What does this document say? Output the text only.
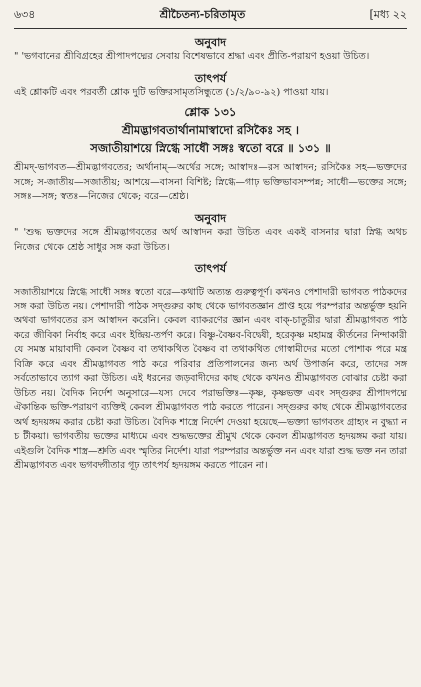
৬৩৪	শ্রীচৈতন্য-চরিতামৃত	[মধ্য ২২
অনুবাদ

" 'ভগবানের শ্রীবিগ্রহের শ্রীপাদপদ্মের সেবায় বিশেষভাবে শ্রদ্ধা এবং প্রীতি-পরায়ণ হওয়া উচিত।

তাৎপর্য

এই শ্লোকটি এবং পরবর্তী শ্লোক দুটি ভক্তিরসামৃতসিন্ধুতে (১/২/৯০-৯২) পাওয়া যায়।

শ্লোক ১৩১
শ্রীমদ্ভাগবতার্থানামাস্বাদো রসিকৈঃ সহ ।
সজাতীয়াশয়ে স্নিগ্ধে সাধৌ সঙ্গঃ স্বতো বরে ॥ ১৩১ ॥

শ্রীমদ্-ভাগবত—শ্রীমদ্ভাগবতের; অর্থানাম্—অর্থের সঙ্গে; আস্বাদঃ—রস আস্বাদন; রসিকৈঃ সহ—ভক্তদের সঙ্গে; স-জাতীয়—সজাতীয়; আশয়ে—বাসনা বিশিষ্ট; স্নিগ্ধে—গাঢ় ভক্তিভাবসম্পন্ন; সাধৌ—ভক্তের সঙ্গে; সঙ্গঃ—সঙ্গ; স্বতঃ—নিজের থেকে; বরে—শ্রেষ্ঠ।

অনুবাদ

" 'শুদ্ধ ভক্তদের সঙ্গে শ্রীমদ্ভাগবতের অর্থ আস্বাদন করা উচিত এবং একই বাসনার দ্বারা স্নিগ্ধ অথচ নিজের থেকে শ্রেষ্ঠ সাধুর সঙ্গ করা উচিত।

তাৎপর্য

সজাতীয়াশয়ে স্নিগ্ধে সাধৌ সঙ্গঃ স্বতো বরে—কথাটি অত্যন্ত গুরুত্বপূর্ণ। কখনও পেশাদারী ভাগবত পাঠকদের সঙ্গ করা উচিত নয়। পেশাদারী পাঠক সদ্গুরুর কাছ থেকে ভাগবতজ্ঞান প্রাপ্ত হয়ে পরম্পরার অন্তর্ভুক্ত হয়নি অথবা ভাগবতের রস আস্বাদন করেনি। কেবল ব্যাকরণের জ্ঞান এবং বাক্-চাতুরীর দ্বারা শ্রীমদ্ভাগবত পাঠ করে জীবিকা নির্বাহ করে এবং ইন্দ্রিয়-তর্পণ করে। বিষ্ণু-বৈষ্ণব-বিদ্বেষী, হরেকৃষ্ণ মহামন্ত্র কীর্তনের নিন্দাকারী যে সমস্ত মায়াবাদী কেবল বৈষ্ণব বা তথাকথিত বৈষ্ণব বা তথাকথিত গোস্বামীদের মতো পোশাক পরে মন্ত্র বিক্রি করে এবং শ্রীমদ্ভাগবত পাঠ করে পরিবার প্রতিপালনের জন্য অর্থ উপার্জন করে, তাদের সঙ্গ সর্বতোভাবে ত্যাগ করা উচিত। এই ধরনের জড়বাদীদের কাছ থেকে কখনও শ্রীমদ্ভাগবত বোঝার চেষ্টা করা উচিত নয়। বৈদিক নির্দেশ অনুসারে—যস্য দেবে পরাভক্তিঃ—কৃষ্ণ, কৃষ্ণভক্ত এবং সদ্গুরুর শ্রীপাদপদ্মে ঐকান্তিক ভক্তি-পরায়ণ ব্যক্তিই কেবল শ্রীমদ্ভাগবত পাঠ করতে পারেন। সদ্গুরুর কাছ থেকে শ্রীমদ্ভাগবতের অর্থ হৃদয়ঙ্গম করার চেষ্টা করা উচিত। বৈদিক শাস্ত্রে নির্দেশ দেওয়া হয়েছে—ভক্ত্যা ভাগবতং গ্রাহ্যং ন বুদ্ধ্যা ন চ টীকয়া। ভাগবতীয় ভক্তের মাধ্যমে এবং শুদ্ধভক্তের শ্রীমুখ থেকে কেবল শ্রীমদ্ভাগবত হৃদয়ঙ্গম করা যায়। এইগুলি বৈদিক শাস্ত্র—শ্রুতি এবং স্মৃতির নির্দেশ। যারা পরম্পরার অন্তর্ভুক্ত নন এবং যারা শুদ্ধ ভক্ত নন তারা শ্রীমদ্ভাগবত এবং ভগবদ্গীতার গূঢ় তাৎপর্য হৃদয়ঙ্গম করতে পারেন না।
